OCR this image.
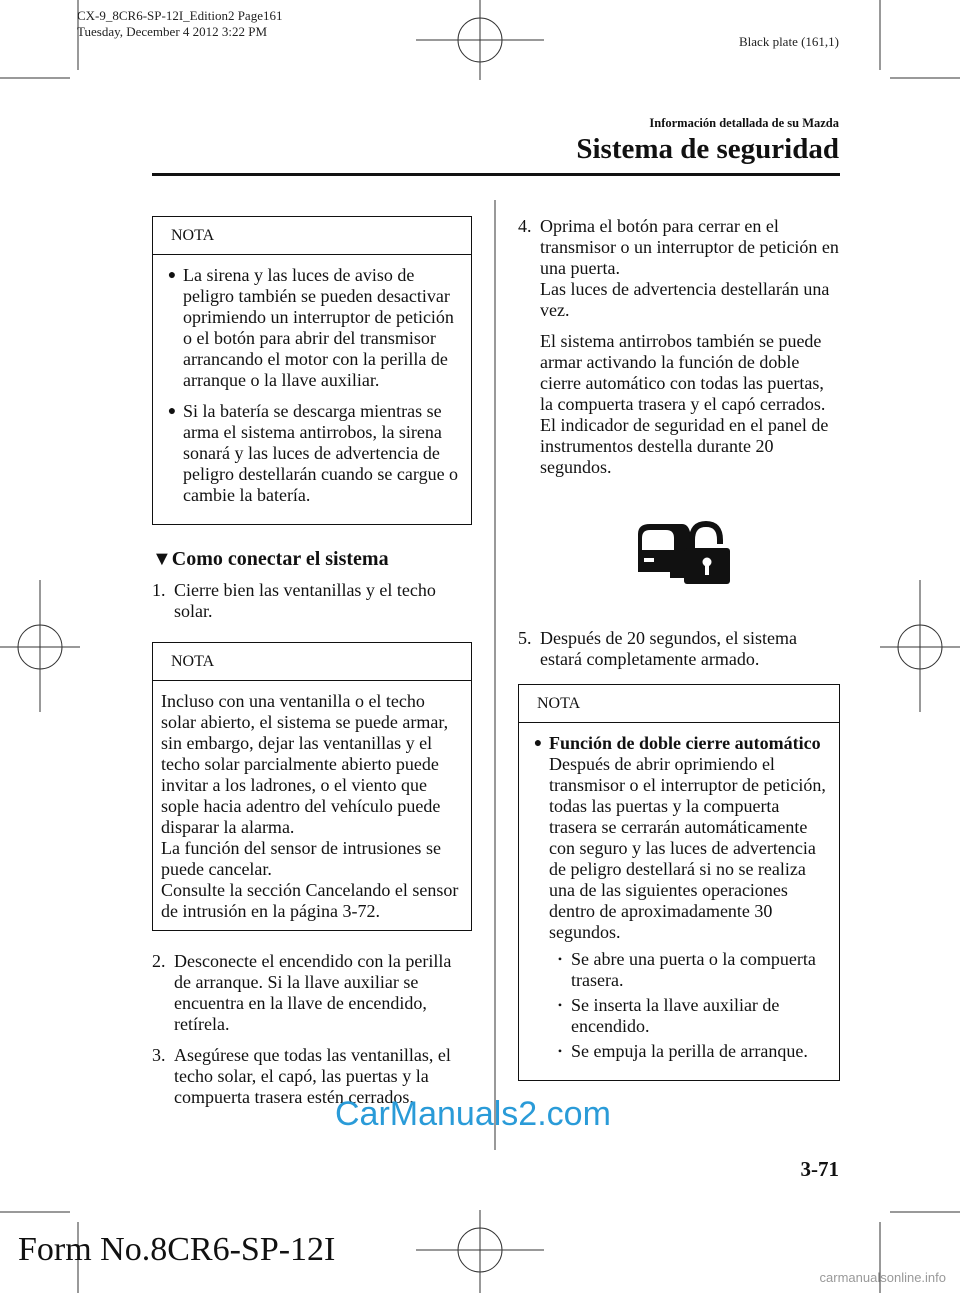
CX-9_8CR6-SP-12I_Edition2 Page161
Tuesday, December 4 2012 3:22 PM
Black plate (161,1)
Información detallada de su Mazda
Sistema de seguridad
NOTA
● La sirena y las luces de aviso de peligro también se pueden desactivar oprimiendo un interruptor de petición o el botón para abrir del transmisor arrancando el motor con la perilla de arranque o la llave auxiliar.
● Si la batería se descarga mientras se arma el sistema antirrobos, la sirena sonará y las luces de advertencia de peligro destellarán cuando se cargue o cambie la batería.
▼Como conectar el sistema
1. Cierre bien las ventanillas y el techo solar.
NOTA
Incluso con una ventanilla o el techo solar abierto, el sistema se puede armar, sin embargo, dejar las ventanillas y el techo solar parcialmente abierto puede invitar a los ladrones, o el viento que sople hacia adentro del vehículo puede disparar la alarma.
La función del sensor de intrusiones se puede cancelar.
Consulte la sección Cancelando el sensor de intrusión en la página 3-72.
2. Desconecte el encendido con la perilla de arranque. Si la llave auxiliar se encuentra en la llave de encendido, retírela.
3. Asegúrese que todas las ventanillas, el techo solar, el capó, las puertas y la compuerta trasera estén cerrados.
4. Oprima el botón para cerrar en el transmisor o un interruptor de petición en una puerta.
Las luces de advertencia destellarán una vez.
El sistema antirrobos también se puede armar activando la función de doble cierre automático con todas las puertas, la compuerta trasera y el capó cerrados. El indicador de seguridad en el panel de instrumentos destella durante 20 segundos.
5. Después de 20 segundos, el sistema estará completamente armado.
NOTA
● Función de doble cierre automático
Después de abrir oprimiendo el transmisor o el interruptor de petición, todas las puertas y la compuerta trasera se cerrarán automáticamente con seguro y las luces de advertencia de peligro destellará si no se realiza una de las siguientes operaciones dentro de aproximadamente 30 segundos.
• Se abre una puerta o la compuerta trasera.
• Se inserta la llave auxiliar de encendido.
• Se empuja la perilla de arranque.
CarManuals2.com
3-71
Form No.8CR6-SP-12I
carmanualsonline.info
